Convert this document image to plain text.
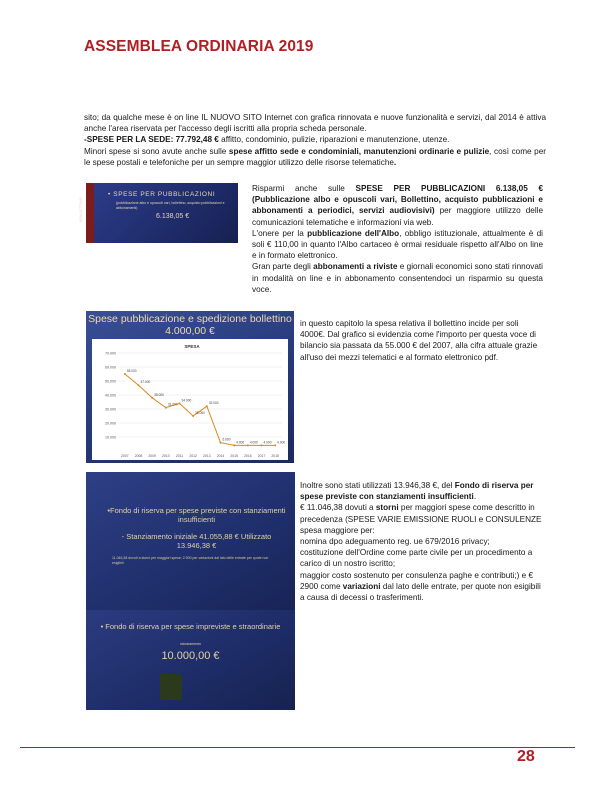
ASSEMBLEA ORDINARIA 2019
sito; da qualche mese è on line IL NUOVO SITO Internet con grafica rinnovata e nuove funzionalità e servizi, dal 2014 è attiva anche l'area riservata per l'accesso degli iscritti alla propria scheda personale.
-SPESE PER LA SEDE: 77.792,48 € affitto, condominio, pulizie, riparazioni e manutenzione, utenze.
Minori spese si sono avute anche sulle spese affitto sede e condominiali, manutenzioni ordinarie e pulizie, così come per le spese postali e telefoniche per un sempre maggior utilizzo delle risorse telematiche.
BOLLETTINO
• SPESE PER PUBBLICAZIONI
(pubblicazione albo e opuscoli vari, bollettino, acquisto pubblicazioni e abbonamenti)
6.138,05 €
Risparmi anche sulle SPESE PER PUBBLICAZIONI 6.138,05 € (Pubblicazione albo e opuscoli vari, Bollettino, acquisto pubblicazioni e abbonamenti a periodici, servizi audiovisivi) per maggiore utilizzo delle comunicazioni telematiche e informazioni via web.
L'onere per la pubblicazione dell'Albo, obbligo istituzionale, attualmente è di soli € 110,00 in quanto l'Albo cartaceo è ormai residuale rispetto all'Albo on line e in formato elettronico.
Gran parte degli abbonamenti a riviste e giornali economici sono stati rinnovati in modalità on line e in abbonamento consentendoci un risparmio su questa voce.
Spese pubblicazione e spedizione bollettino 4.000,00 €
SPESA
70.000
60.000
50.000
40.000
30.000
20.000
10.000
2007 2008 2009 2010 2011 2012 2013 2014 2015 2016 2017 2018
55.000
47.000
38.000
31.000
34.000
25.000
32.000
6.000
4.000 4.000 4.000 4.000
in questo capitolo la spesa relativa il bollettino incide per soli 4000€. Dal grafico si evidenzia come l'importo per questa voce di bilancio sia passata da 55.000 € del 2007, alla cifra attuale grazie all'uso dei mezzi telematici e al formato elettronico pdf.
Inoltre sono stati utilizzati 13.946,38 €, del Fondo di riserva per spese previste con stanziamenti insufficienti.
€ 11.046,38 dovuti a storni per maggiori spese come descritto in precedenza (SPESE VARIE EMISSIONE RUOLI e CONSULENZE spesa maggiore per:
nomina dpo adeguamento reg. ue 679/2016 privacy;
costituzione dell'Ordine come parte civile per un procedimento a carico di un nostro iscritto;
maggior costo sostenuto per consulenza paghe e contributi;) e € 2900 come variazioni dal lato delle entrate, per quote non esigibili a causa di decessi o trasferimenti.
•Fondo di riserva per spese previste con stanziamenti insufficienti
- Stanziamento iniziale 41.055,88 € Utilizzato 13.946,38 €
11.046,38 dovuti a storni per maggiori spese; 2.900 per variazioni dal lato delle entrate per quote non esigibili
• Fondo di riserva per spese impreviste e straordinarie
stanziamento
10.000,00 €
28
